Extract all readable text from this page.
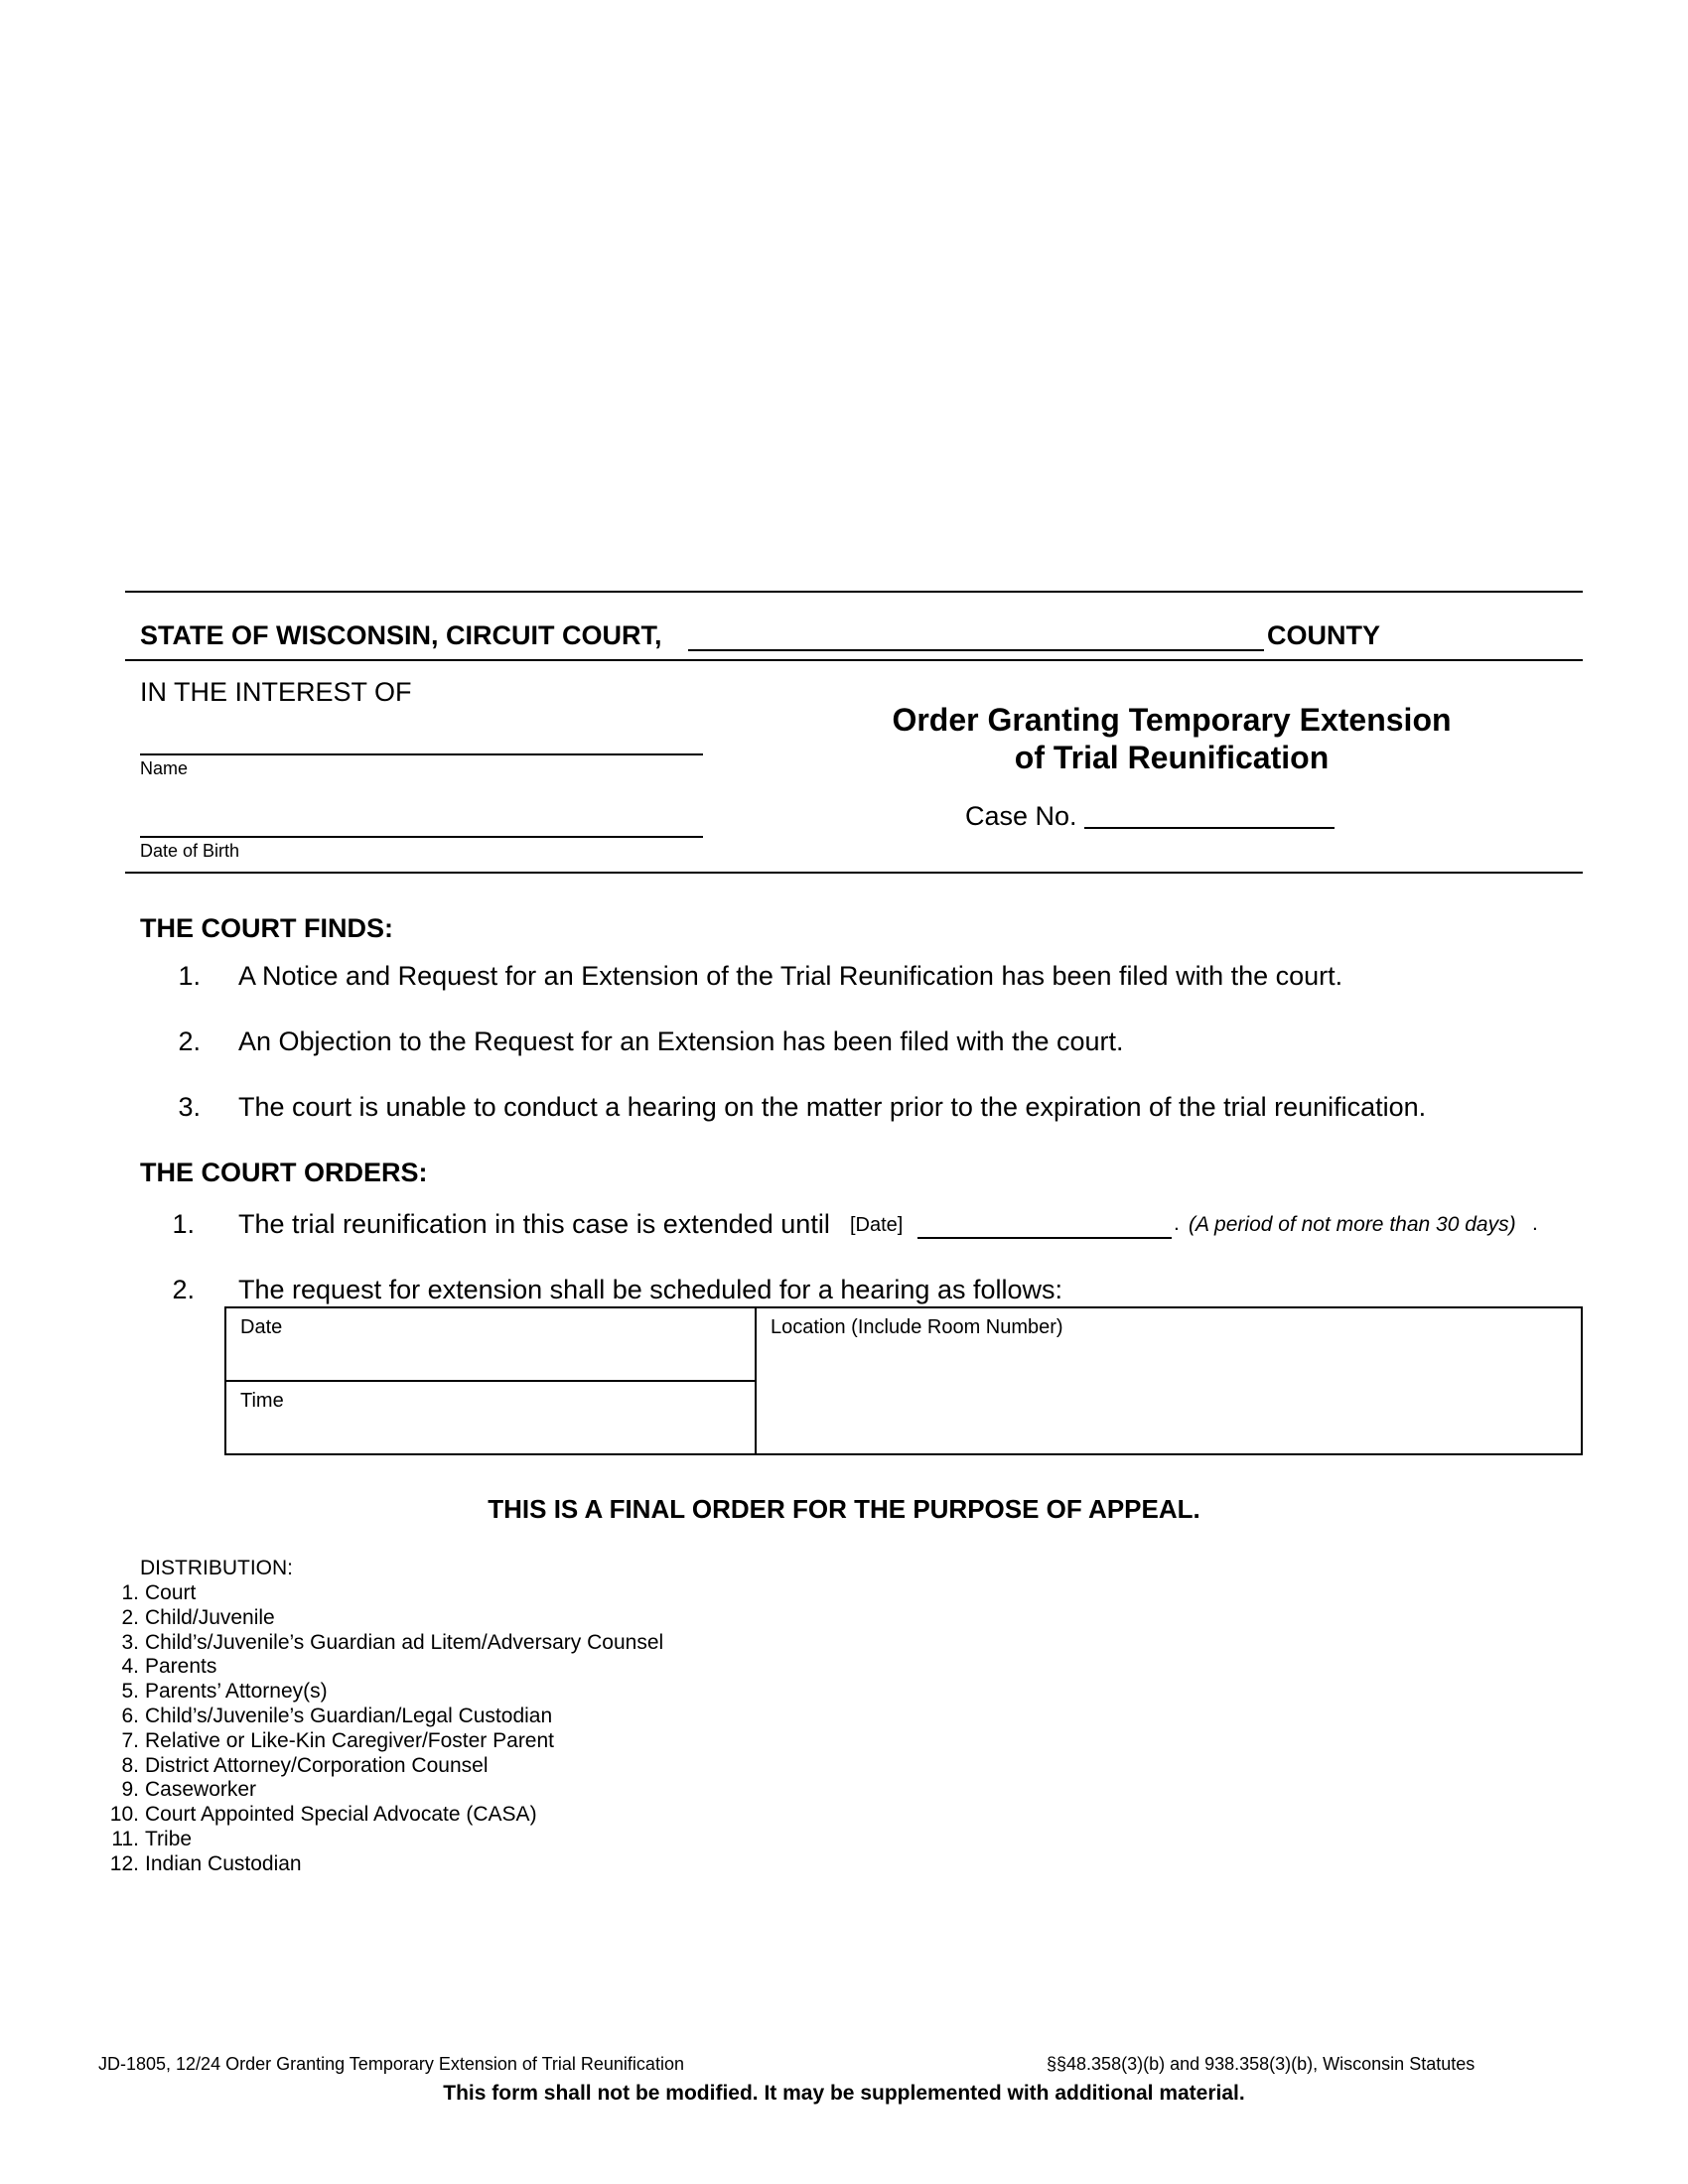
STATE OF WISCONSIN, CIRCUIT COURT,	COUNTY
IN THE INTEREST OF
Name
Date of Birth
Order Granting Temporary Extension
of Trial Reunification
Case No.
THE COURT FINDS:
1. A Notice and Request for an Extension of the Trial Reunification has been filed with the court.
2. An Objection to the Request for an Extension has been filed with the court.
3. The court is unable to conduct a hearing on the matter prior to the expiration of the trial reunification.
THE COURT ORDERS:
1. The trial reunification in this case is extended until [Date]	. (A period of not more than 30 days) .
2. The request for extension shall be scheduled for a hearing as follows:
Date
Time
Location (Include Room Number)
THIS IS A FINAL ORDER FOR THE PURPOSE OF APPEAL.
DISTRIBUTION:
1. Court
2. Child/Juvenile
3. Child’s/Juvenile’s Guardian ad Litem/Adversary Counsel
4. Parents
5. Parents’ Attorney(s)
6. Child’s/Juvenile’s Guardian/Legal Custodian
7. Relative or Like-Kin Caregiver/Foster Parent
8. District Attorney/Corporation Counsel
9. Caseworker
10. Court Appointed Special Advocate (CASA)
11. Tribe
12. Indian Custodian
JD-1805, 12/24 Order Granting Temporary Extension of Trial Reunification	§§48.358(3)(b) and 938.358(3)(b), Wisconsin Statutes
This form shall not be modified. It may be supplemented with additional material.
